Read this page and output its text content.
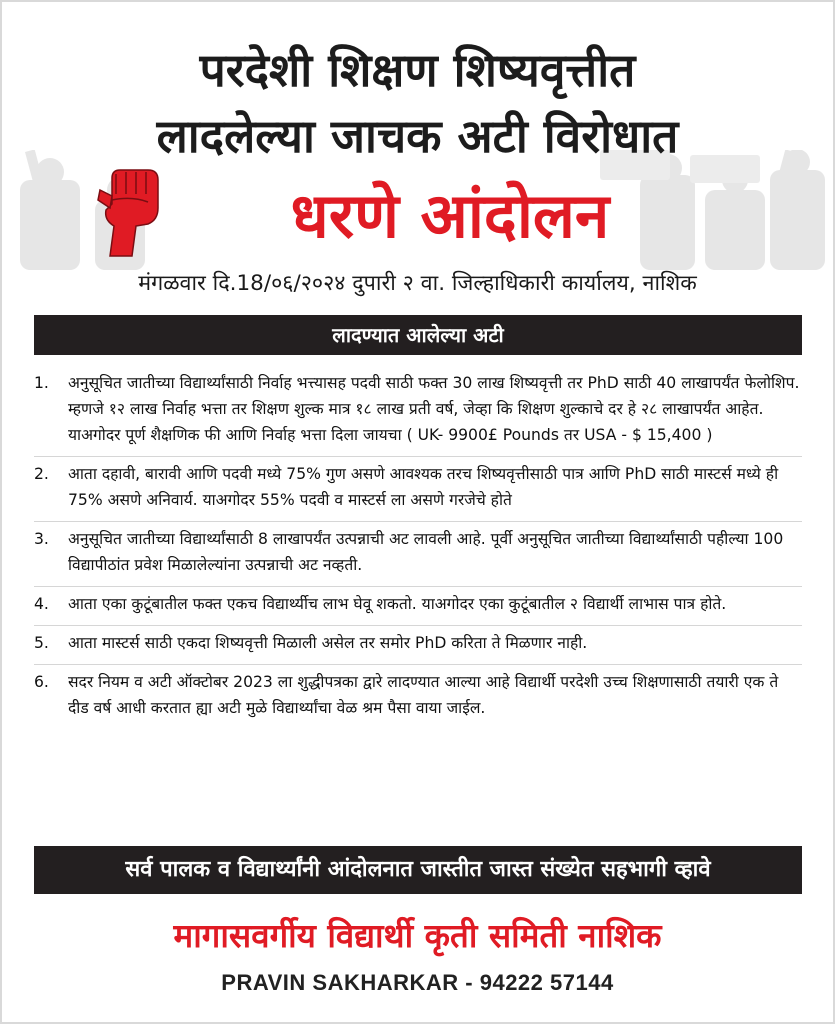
परदेशी शिक्षण शिष्यवृत्तीत
लादलेल्या जाचक अटी विरोधात
धरणे आंदोलन
मंगळवार दि.18/०६/२०२४ दुपारी २ वा. जिल्हाधिकारी कार्यालय, नाशिक
लादण्यात आलेल्या अटी
1. अनुसूचित जातीच्या विद्यार्थ्यांसाठी निर्वाह भत्त्यासह पदवी साठी फक्त 30 लाख शिष्यवृत्ती तर PhD साठी 40 लाखापर्यंत फेलोशिप. म्हणजे १२ लाख निर्वाह भत्ता तर शिक्षण शुल्क मात्र १८ लाख प्रती वर्ष, जेव्हा कि शिक्षण शुल्काचे दर हे २८ लाखापर्यंत आहेत. याअगोदर पूर्ण शैक्षणिक फी आणि निर्वाह भत्ता दिला जायचा ( UK- 9900£ Pounds तर USA - $ 15,400 )
2. आता दहावी, बारावी आणि पदवी मध्ये 75% गुण असणे आवश्यक तरच शिष्यवृत्तीसाठी पात्र आणि PhD साठी मास्टर्स मध्ये ही 75% असणे अनिवार्य. याअगोदर 55% पदवी व मास्टर्स ला असणे गरजेचे होते
3. अनुसूचित जातीच्या विद्यार्थ्यांसाठी 8 लाखापर्यंत उत्पन्नाची अट लावली आहे. पूर्वी अनुसूचित जातीच्या विद्यार्थ्यांसाठी पहील्या 100 विद्यापीठांत प्रवेश मिळालेल्यांना उत्पन्नाची अट नव्हती.
4. आता एका कुटूंबातील फक्त एकच विद्यार्थ्यीच लाभ घेवू शकतो. याअगोदर एका कुटूंबातील २ विद्यार्थी लाभास पात्र होते.
5. आता मास्टर्स साठी एकदा शिष्यवृत्ती मिळाली असेल तर समोर PhD करिता ते मिळणार नाही.
6. सदर नियम व अटी ऑक्टोबर 2023 ला शुद्धीपत्रका द्वारे लादण्यात आल्या आहे विद्यार्थी परदेशी उच्च शिक्षणासाठी तयारी एक ते दीड वर्ष आधी करतात ह्या अटी मुळे विद्यार्थ्यांचा वेळ श्रम पैसा वाया जाईल.
सर्व पालक व विद्यार्थ्यांनी आंदोलनात जास्तीत जास्त संख्येत सहभागी व्हावे
मागासवर्गीय विद्यार्थी कृती समिती नाशिक
PRAVIN SAKHARKAR - 94222 57144
